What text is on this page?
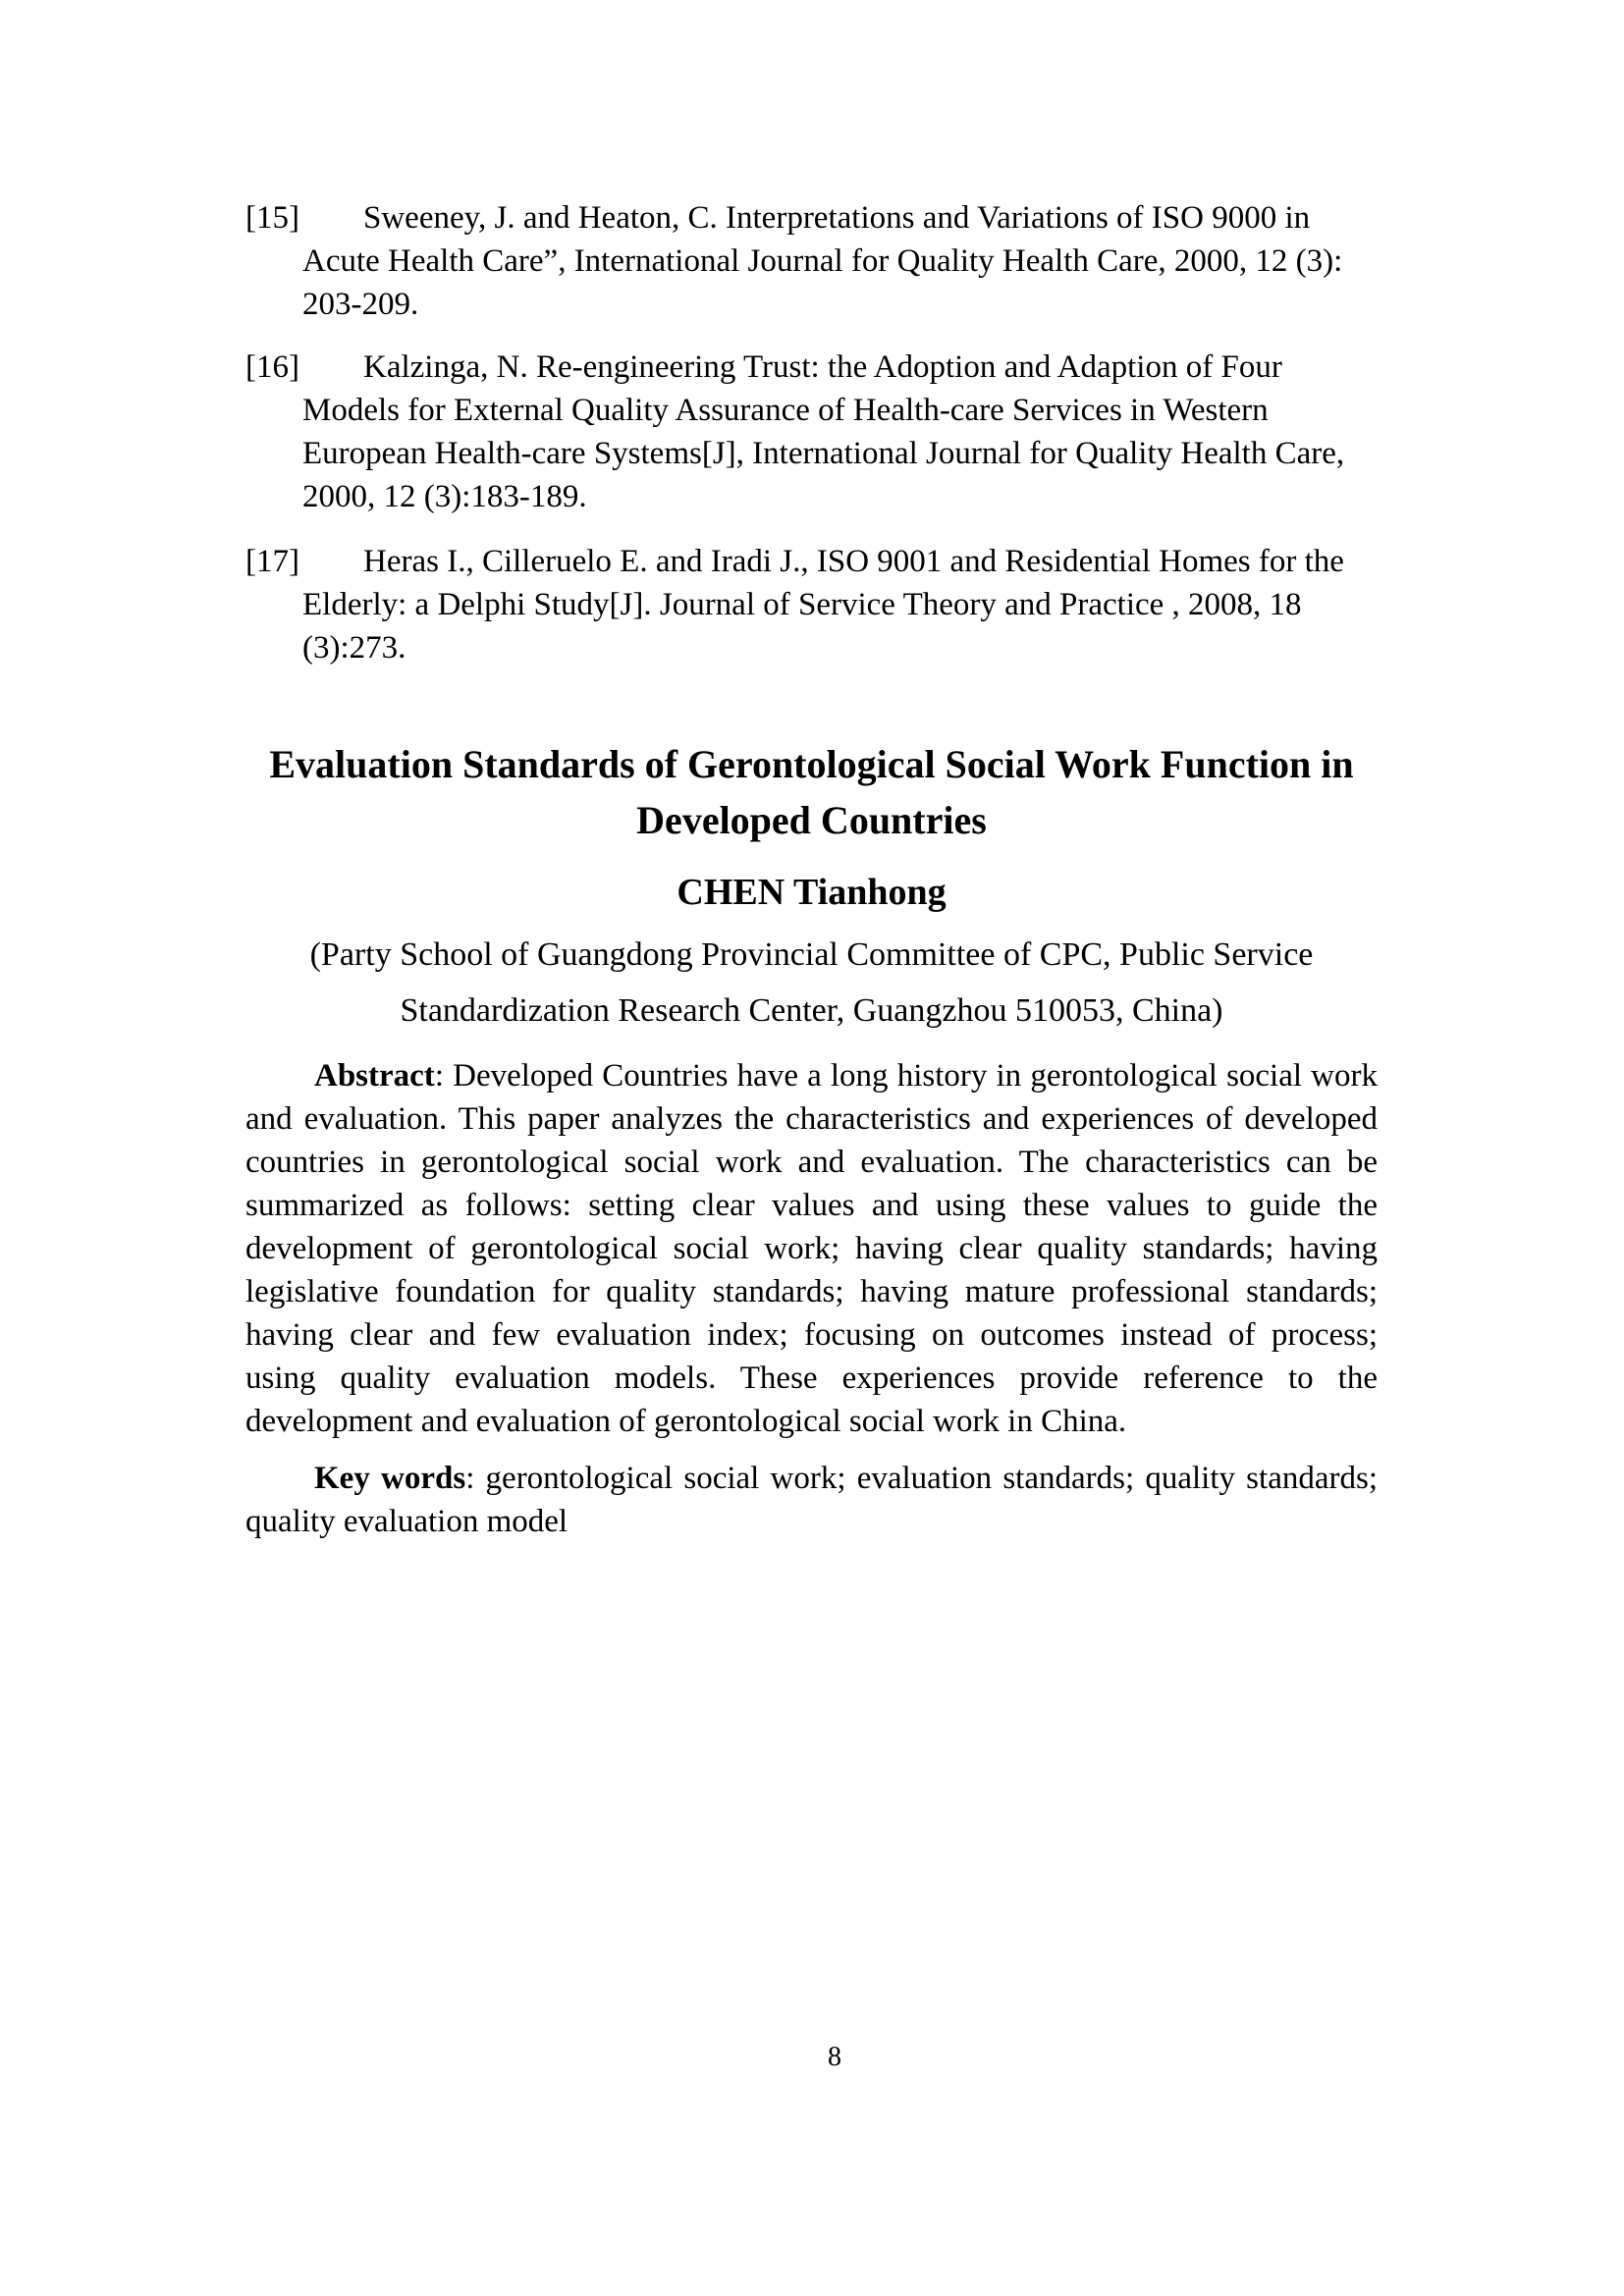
[15]	Sweeney, J. and Heaton, C. Interpretations and Variations of ISO 9000 in
Acute Health Care”, International Journal for Quality Health Care, 2000, 12 (3):
203-209.
[16]	Kalzinga, N. Re-engineering Trust: the Adoption and Adaption of Four
Models for External Quality Assurance of Health-care Services in Western
European Health-care Systems[J], International Journal for Quality Health Care,
2000, 12 (3):183-189.
[17]	Heras I., Cilleruelo E. and Iradi J., ISO 9001 and Residential Homes for the
Elderly: a Delphi Study[J]. Journal of Service Theory and Practice , 2008, 18
(3):273.
Evaluation Standards of Gerontological Social Work Function in
Developed Countries
CHEN Tianhong
(Party School of Guangdong Provincial Committee of CPC, Public Service
Standardization Research Center, Guangzhou 510053, China)
Abstract: Developed Countries have a long history in gerontological social work
and evaluation. This paper analyzes the characteristics and experiences of developed
countries in gerontological social work and evaluation. The characteristics can be
summarized as follows: setting clear values and using these values to guide the
development of gerontological social work; having clear quality standards; having
legislative foundation for quality standards; having mature professional standards;
having clear and few evaluation index; focusing on outcomes instead of process;
using quality evaluation models. These experiences provide reference to the
development and evaluation of gerontological social work in China.
Key words: gerontological social work; evaluation standards; quality standards;
quality evaluation model
8
